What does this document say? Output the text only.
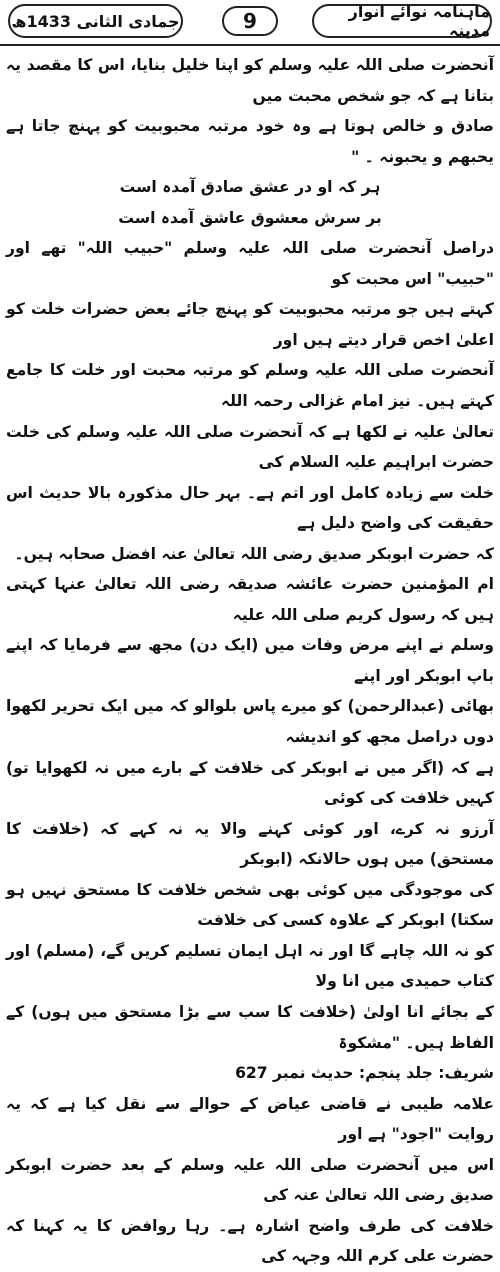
ماہنامہ نوائے انوار مدینہ
9
جمادی الثانی 1433ھ

آنحضرت صلی اللہ علیہ وسلم کو اپنا خلیل بنایا، اس کا مقصد یہ بتانا ہے کہ جو شخص محبت میں

صادق و خالص ہوتا ہے وہ خود مرتبہ محبوبیت کو پہنچ جاتا ہے یحبھم و یحبونہ ۔ "

ہر کہ او در عشق صادق آمدہ است

بر سرش معشوق عاشق آمدہ است

دراصل آنحضرت صلی اللہ علیہ وسلم "حبیب اللہ" تھے اور "حبیب" اس محبت کو

کہتے ہیں جو مرتبہ محبوبیت کو پہنچ جائے بعض حضرات خلت کو اعلیٰ اخص قرار دیتے ہیں اور

آنحضرت صلی اللہ علیہ وسلم کو مرتبہ محبت اور خلت کا جامع کہتے ہیں۔ نیز امام غزالی رحمہ اللہ

تعالیٰ علیہ نے لکھا ہے کہ آنحضرت صلی اللہ علیہ وسلم کی خلت حضرت ابراہیم علیہ السلام کی

خلت سے زیادہ کامل اور اتم ہے۔ بہر حال مذکورہ بالا حدیث اس حقیقت کی واضح دلیل ہے

کہ حضرت ابوبکر صدیق رضی اللہ تعالیٰ عنہ افضل صحابہ ہیں۔

ام المؤمنین حضرت عائشہ صدیقہ رضی اللہ تعالیٰ عنہا کہتی ہیں کہ رسول کریم صلی اللہ علیہ

وسلم نے اپنے مرض وفات میں (ایک دن) مجھ سے فرمایا کہ اپنے باپ ابوبکر اور اپنے

بھائی (عبدالرحمن) کو میرے پاس بلوالو کہ میں ایک تحریر لکھوا دوں دراصل مجھ کو اندیشہ

ہے کہ (اگر میں نے ابوبکر کی خلافت کے بارے میں نہ لکھوایا تو) کہیں خلافت کی کوئی

آرزو نہ کرے، اور کوئی کہنے والا یہ نہ کہے کہ (خلافت کا مستحق) میں ہوں حالانکہ (ابوبکر

کی موجودگی میں کوئی بھی شخص خلافت کا مستحق نہیں ہو سکتا) ابوبکر کے علاوہ کسی کی خلافت

کو نہ اللہ چاہے گا اور نہ اہل ایمان تسلیم کریں گے، (مسلم) اور کتاب حمیدی میں انا ولا

کے بجائے انا اولیٰ (خلافت کا سب سے بڑا مستحق میں ہوں) کے الفاظ ہیں۔ "مشکوۃ

شریف: جلد پنجم: حدیث نمبر 627

علامہ طیبی نے قاضی عیاض کے حوالے سے نقل کیا ہے کہ یہ روایت "اجود" ہے اور

اس میں آنحضرت صلی اللہ علیہ وسلم کے بعد حضرت ابوبکر صدیق رضی اللہ تعالیٰ عنہ کی

خلافت کی طرف واضح اشارہ ہے۔ رہا روافض کا یہ کہنا کہ حضرت علی کرم اللہ وجہہ کی
